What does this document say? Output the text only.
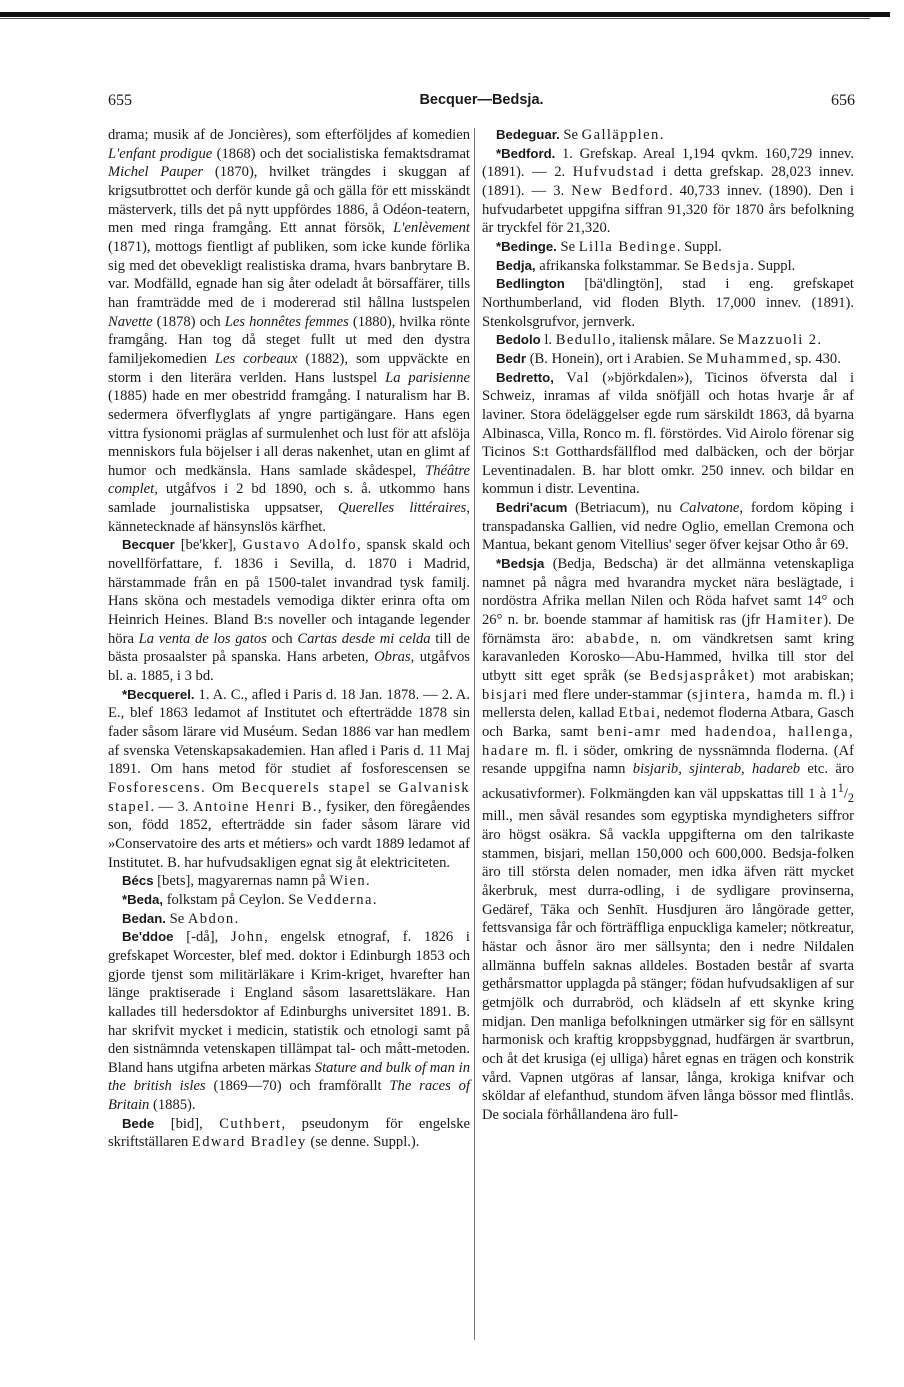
655	Becquer—Bedsja.	656

drama; musik af de Joncières), som efterföljdes af komedien L'enfant prodigue (1868) och det socialistiska femaktsdramat Michel Pauper (1870), hvilket trängdes i skuggan af krigsutbrottet och derför kunde gå och gälla för ett misskändt mästerverk, tills det på nytt uppfördes 1886, å Odéon-teatern, men med ringa framgång. Ett annat försök, L'enlèvement (1871), mottogs fientligt af publiken, som icke kunde förlika sig med det obevekligt realistiska drama, hvars banbrytare B. var. Modfälld, egnade han sig åter odeladt åt börsaffärer, tills han framträdde med de i modererad stil hållna lustspelen Navette (1878) och Les honnêtes femmes (1880), hvilka rönte framgång. Han tog då steget fullt ut med den dystra familjekomedien Les corbeaux (1882), som uppväckte en storm i den literära verlden. Hans lustspel La parisienne (1885) hade en mer obestridd framgång. I naturalism har B. sedermera öfverflyglats af yngre partigängare. Hans egen vittra fysionomi präglas af surmulenhet och lust för att afslöja menniskors fula böjelser i all deras nakenhet, utan en glimt af humor och medkänsla. Hans samlade skådespel, Théâtre complet, utgåfvos i 2 bd 1890, och s. å. utkommo hans samlade journalistiska uppsatser, Querelles littéraires, kännetecknade af hänsynslös kärfhet.

Becquer [be'kker], Gustavo Adolfo, spansk skald och novellförfattare, f. 1836 i Sevilla, d. 1870 i Madrid, härstammade från en på 1500-talet invandrad tysk familj. Hans sköna och mestadels vemodiga dikter erinra ofta om Heinrich Heines. Bland B:s noveller och intagande legender höra La venta de los gatos och Cartas desde mi celda till de bästa prosaalster på spanska. Hans arbeten, Obras, utgåfvos bl. a. 1885, i 3 bd.

*Becquerel. 1. A. C., afled i Paris d. 18 Jan. 1878. — 2. A. E., blef 1863 ledamot af Institutet och efterträdde 1878 sin fader såsom lärare vid Muséum. Sedan 1886 var han medlem af svenska Vetenskapsakademien. Han afled i Paris d. 11 Maj 1891. Om hans metod för studiet af fosforescensen se Fosforescens. Om Becquerels stapel se Galvanisk stapel. — 3. Antoine Henri B., fysiker, den föregåendes son, född 1852, efterträdde sin fader såsom lärare vid »Conservatoire des arts et métiers» och vardt 1889 ledamot af Institutet. B. har hufvudsakligen egnat sig åt elektriciteten.

Bécs [bets], magyarernas namn på Wien.

*Beda, folkstam på Ceylon. Se Vedderna.

Bedan. Se Abdon.

Be'ddoe [-då], John, engelsk etnograf, f. 1826 i grefskapet Worcester, blef med. doktor i Edinburgh 1853 och gjorde tjenst som militärläkare i Krim-kriget, hvarefter han länge praktiserade i England såsom lasarettsläkare. Han kallades till hedersdoktor af Edinburghs universitet 1891. B. har skrifvit mycket i medicin, statistik och etnologi samt på den sistnämnda vetenskapen tillämpat tal- och mått-metoden. Bland hans utgifna arbeten märkas Stature and bulk of man in the british isles (1869—70) och framförallt The races of Britain (1885).

Bede [bid], Cuthbert, pseudonym för engelske skriftställaren Edward Bradley (se denne. Suppl.).

Bedeguar. Se Galläpplen.

*Bedford. 1. Grefskap. Areal 1,194 qvkm. 160,729 innev. (1891). — 2. Hufvudstad i detta grefskap. 28,023 innev. (1891). — 3. New Bedford. 40,733 innev. (1890). Den i hufvudarbetet uppgifna siffran 91,320 för 1870 års befolkning är tryckfel för 21,320.

*Bedinge. Se Lilla Bedinge. Suppl.

Bedja, afrikanska folkstammar. Se Bedsja. Suppl.

Bedlington [bä'dlingtön], stad i eng. grefskapet Northumberland, vid floden Blyth. 17,000 innev. (1891). Stenkolsgrufvor, jernverk.

Bedolo l. Bedullo, italiensk målare. Se Mazzuoli 2.

Bedr (B. Honein), ort i Arabien. Se Muhammed, sp. 430.

Bedretto, Val (»björkdalen»), Ticinos öfversta dal i Schweiz, inramas af vilda snöfjäll och hotas hvarje år af laviner. Stora ödeläggelser egde rum särskildt 1863, då byarna Albinasca, Villa, Ronco m. fl. förstördes. Vid Airolo förenar sig Ticinos S:t Gotthardsfällflod med dalbäcken, och der börjar Leventinadalen. B. har blott omkr. 250 innev. och bildar en kommun i distr. Leventina.

Bedri'acum (Betriacum), nu Calvatone, fordom köping i transpadanska Gallien, vid nedre Oglio, emellan Cremona och Mantua, bekant genom Vitellius' seger öfver kejsar Otho år 69.

*Bedsja (Bedja, Bedscha) är det allmänna vetenskapliga namnet på några med hvarandra mycket nära beslägtade, i nordöstra Afrika mellan Nilen och Röda hafvet samt 14° och 26° n. br. boende stammar af hamitisk ras (jfr Hamiter). De förnämsta äro: ababde, n. om vändkretsen samt kring karavanleden Korosko—Abu-Hammed, hvilka till stor del utbytt sitt eget språk (se Bedsjaspråket) mot arabiskan; bisjari med flere under-stammar (sjintera, hamda m. fl.) i mellersta delen, kallad Etbai, nedemot floderna Atbara, Gasch och Barka, samt beni-amr med hadendoa, hallenga, hadare m. fl. i söder, omkring de nyssnämnda floderna. (Af resande uppgifna namn bisjarib, sjinterab, hadareb etc. äro ackusativformer). Folkmängden kan väl uppskattas till 1 à $1^1/_2$ mill., men såväl resandes som egyptiska myndigheters siffror äro högst osäkra. Så vackla uppgifterna om den talrikaste stammen, bisjari, mellan 150,000 och 600,000. Bedsja-folken äro till största delen nomader, men idka äfven rätt mycket åkerbruk, mest durra-odling, i de sydligare provinserna, Gedäref, Tāka och Senhīt. Husdjuren äro långörade getter, fettsvansiga får och förträffliga enpuckliga kameler; nötkreatur, hästar och åsnor äro mer sällsynta; den i nedre Nildalen allmänna buffeln saknas alldeles. Bostaden består af svarta gethårsmattor upplagda på stänger; födan hufvudsakligen af sur getmjölk och durrabröd, och klädseln af ett skynke kring midjan. Den manliga befolkningen utmärker sig för en sällsynt harmonisk och kraftig kroppsbyggnad, hudfärgen är svartbrun, och åt det krusiga (ej ulliga) håret egnas en trägen och konstrik vård. Vapnen utgöras af lansar, långa, krokiga knifvar och sköldar af elefanthud, stundom äfven långa bössor med flintlås. De sociala förhållandena äro full-
